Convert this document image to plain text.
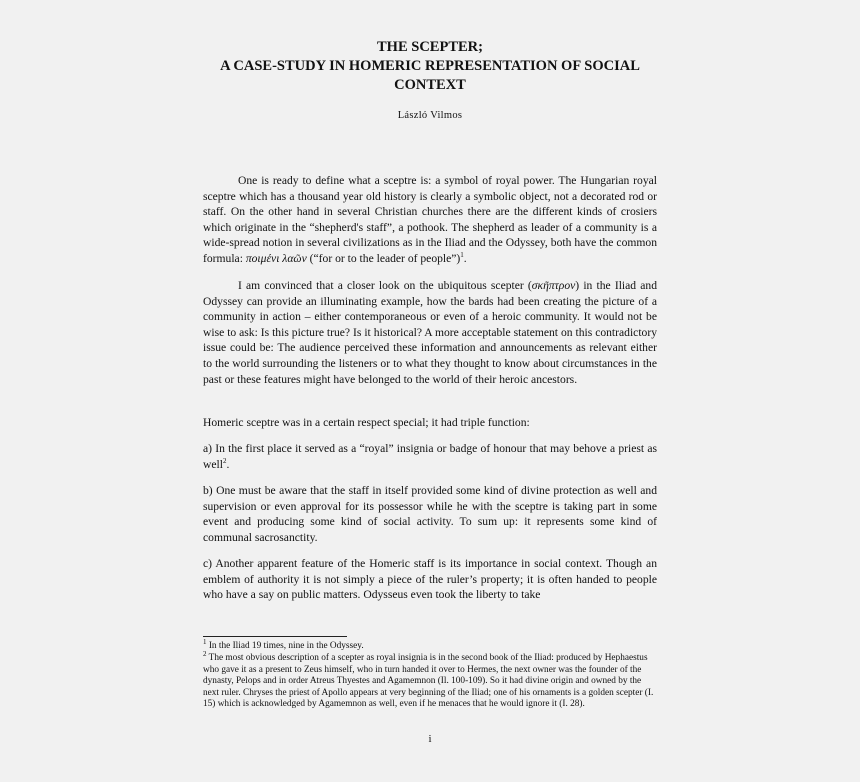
THE SCEPTER;
A CASE-STUDY IN HOMERIC REPRESENTATION OF SOCIAL
CONTEXT
László Vilmos

One is ready to define what a sceptre is: a symbol of royal power. The Hungarian royal sceptre which has a thousand year old history is clearly a symbolic object, not a decorated rod or staff. On the other hand in several Christian churches there are the different kinds of crosiers which originate in the “shepherd's staff”, a pothook. The shepherd as leader of a community is a wide-spread notion in several civilizations as in the Iliad and the Odyssey, both have the common formula: ποιμένι λαῶν (“for or to the leader of people”)$^1$.

I am convinced that a closer look on the ubiquitous scepter (σκῆπτρον) in the Iliad and Odyssey can provide an illuminating example, how the bards had been creating the picture of a community in action – either contemporaneous or even of a heroic community. It would not be wise to ask: Is this picture true? Is it historical? A more acceptable statement on this contradictory issue could be: The audience perceived these information and announcements as relevant either to the world surrounding the listeners or to what they thought to know about circumstances in the past or these features might have belonged to the world of their heroic ancestors.

Homeric sceptre was in a certain respect special; it had triple function:

a) In the first place it served as a “royal” insignia or badge of honour that may behove a priest as well$^2$.

b) One must be aware that the staff in itself provided some kind of divine protection as well and supervision or even approval for its possessor while he with the sceptre is taking part in some event and producing some kind of social activity. To sum up: it represents some kind of communal sacrosanctity.

c) Another apparent feature of the Homeric staff is its importance in social context. Though an emblem of authority it is not simply a piece of the ruler’s property; it is often handed to people who have a say on public matters. Odysseus even took the liberty to take

$^1$ In the Iliad 19 times, nine in the Odyssey.
$^2$ The most obvious description of a scepter as royal insignia is in the second book of the Iliad: produced by Hephaestus who gave it as a present to Zeus himself, who in turn handed it over to Hermes, the next owner was the founder of the dynasty, Pelops and in order Atreus Thyestes and Agamemnon (Il. 100-109). So it had divine origin and owned by the next ruler. Chryses the priest of Apollo appears at very beginning of the Iliad; one of his ornaments is a golden scepter (I. 15) which is acknowledged by Agamemnon as well, even if he menaces that he would ignore it (I. 28).
i
